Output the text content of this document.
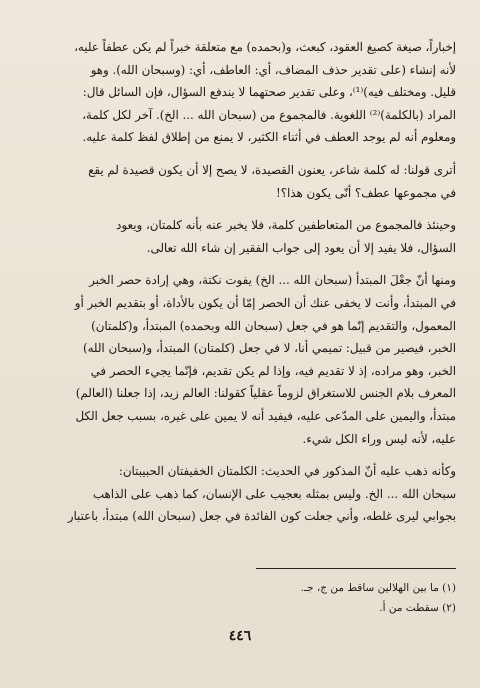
إخباراً، صيغة كصيغ العقود، كبعث، و(بحمده) مع متعلقة خبراً لم يكن عطفاً عليه،
لأنه إنشاء (على تقدير حذف المضاف، أي: العاطف، أي: (وسبحان الله). وهو
قليل. ومختلف فيه)⁽¹⁾، وعلى تقدير صحتهما لا يندفع السؤال، فإن السائل قال:
المراد (بالكلمة)⁽²⁾ اللغوية. فالمجموع من (سبحان الله ... الخ). آخر لكل كلمة،
ومعلوم أنه لم يوجد العطف في أثناء الكثير، لا يمنع من إطلاق لفظ كلمة عليه.

أترى قولنا: له كلمة شاعر، يعنون القصيدة، لا يصح إلا أن يكون قصيدة لم يقع
في مجموعها عطف؟ أنّى يكون هذا؟!

وحينئذ فالمجموع من المتعاطفين كلمة، فلا يخبر عنه بأنه كلمتان، ويعود
السؤال، فلا يفيد إلا أن يعود إلى جواب الفقير إن شاء الله تعالى.

ومنها أنّ جعْلَ المبتدأ (سبحان الله ... الخ) يفوت نكتة، وهي إرادة حصر الخبر
في المبتدأ، وأنت لا يخفى عنك أن الحصر إمّا أن يكون بالأداة، أو بتقديم الخبر أو
المعمول، والتقديم إنّما هو في جعل (سبحان الله وبحمده) المبتدأ، و(كلمتان)
الخبر، فيصير من قبيل: تميمي أنا، لا في جعل (كلمتان) المبتدأ، و(سبحان الله)
الخبر، وهو مراده، إذ لا تقديم فيه، وإذا لم يكن تقديم، فإنّما يجيء الحصر في
المعرف بلام الجنس للاستغراق لزوماً عقلياً كقولنا: العالم زيد، إذا جعلنا (العالم)
مبتدأ، واليمين على المدّعى عليه، فيفيد أنه لا يمين على غيره، بسبب جعل الكل
عليه، لأنه ليس وراء الكل شيء.

وكأنه ذهب عليه أنّ المذكور في الحديث: الكلمتان الخفيفتان الحبيبتان:
سبحان الله ... الخ. وليس بمثله بعجيب على الإنسان، كما ذهب على الذاهب
بجوابي ليرى غلطه، وأني جعلت كون الفائدة في جعل (سبحان الله) مبتدأ، باعتبار

(١) ما بين الهلالين ساقط من ج، جـ.
(٢) سقطت من أ.
٤٤٦
